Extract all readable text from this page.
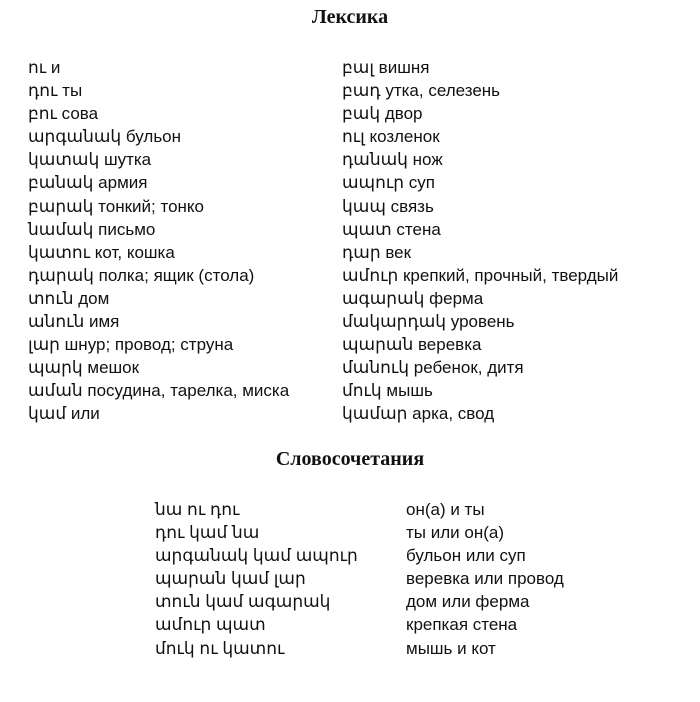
Лексика
ու и
դու ты
բու сова
արգանակ бульон
կատակ шутка
բանակ армия
բարակ тонкий; тонко
նամակ письмо
կատու кот, кошка
դարակ полка; ящик (стола)
տուն дом
անուն имя
լար шнур; провод; струна
պարկ мешок
աման посудина, тарелка, миска
կամ или
բալ вишня
բադ утка, селезень
բակ двор
ուլ козленок
դանակ нож
ապուր суп
կապ связь
պատ стена
դար век
ամուր крепкий, прочный, твердый
ագարակ ферма
մակարդակ уровень
պարան веревка
մանուկ ребенок, дитя
մուկ мышь
կամար арка, свод
Словосочетания
նա ու դու
դու կամ նա
արգանակ կամ ապուր
պարան կամ լար
տուն կամ ագարակ
ամուր պատ
մուկ ու կատու
он(а) и ты
ты или он(а)
бульон или суп
веревка или провод
дом или ферма
крепкая стена
мышь и кот
